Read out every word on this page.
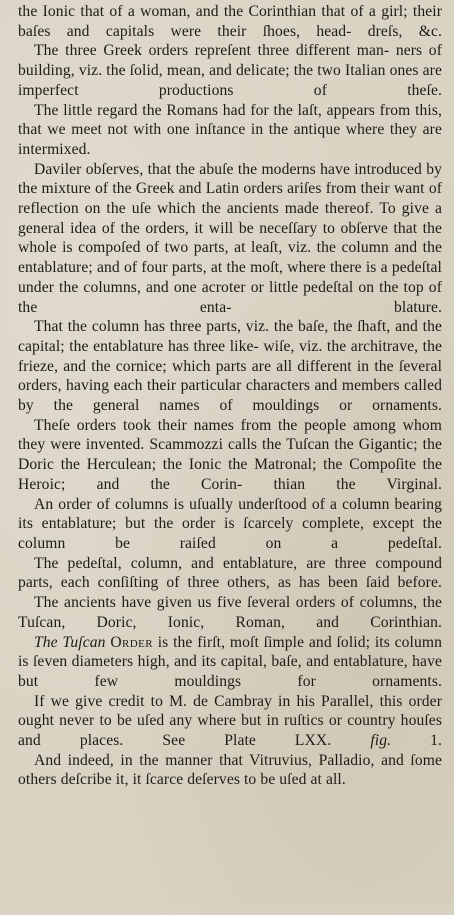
the Ionic that of a woman, and the Corinthian that of a girl; their baſes and capitals were their ſhoes, head- dreſs, &c.

The three Greek orders repreſent three different man- ners of building, viz. the ſolid, mean, and delicate; the two Italian ones are imperfect productions of theſe.

The little regard the Romans had for the laſt, appears from this, that we meet not with one inſtance in the antique where they are intermixed.

Daviler obſerves, that the abuſe the moderns have introduced by the mixture of the Greek and Latin orders ariſes from their want of reflection on the uſe which the ancients made thereof. To give a general idea of the orders, it will be neceſſary to obſerve that the whole is compoſed of two parts, at leaſt, viz. the column and the entablature; and of four parts, at the moſt, where there is a pedeſtal under the columns, and one acroter or little pedeſtal on the top of the enta-	blature.

That the column has three parts, viz. the baſe, the ſhaft, and the capital; the entablature has three like- wiſe, viz. the architrave, the frieze, and the cornice; which parts are all different in the ſeveral orders, having each their particular characters and members called by the general names of mouldings or ornaments.

Theſe orders took their names from the people among whom they were invented. Scammozzi calls the Tuſcan the Gigantic; the Doric the Herculean; the Ionic the Matronal; the Compoſite the Heroic; and the Corin- thian the Virginal.

An order of columns is uſually underſtood of a column bearing its entablature; but the order is ſcarcely complete, except the column be raiſed on a pedeſtal.

The pedeſtal, column, and entablature, are three compound parts, each conſiſting of three others, as has been ſaid before.

The ancients have given us five ſeveral orders of columns, the Tuſcan, Doric, Ionic, Roman, and Corinthian.

The Tuſcan Order is the firſt, moſt ſimple and ſolid; its column is ſeven diameters high, and its capital, baſe, and entablature, have but few mouldings for ornaments.

If we give credit to M. de Cambray in his Parallel, this order ought never to be uſed any where but in ruſtics or country houſes and places. See Plate LXX.	fig. 1.

And indeed, in the manner that Vitruvius, Palladio, and ſome others deſcribe it, it ſcarce deſerves to be uſed at all.
